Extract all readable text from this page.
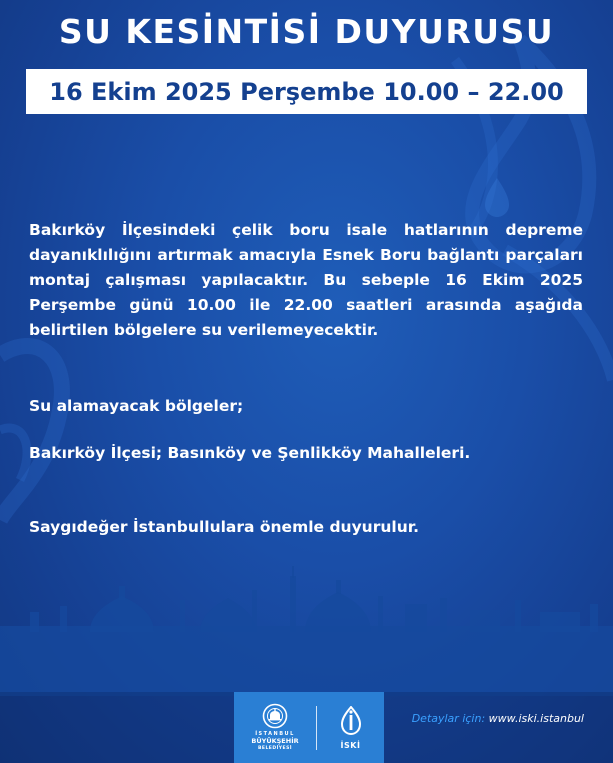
SU KESİNTİSİ DUYURUSU
16 Ekim 2025 Perşembe 10.00 – 22.00

Bakırköy İlçesindeki çelik boru isale hatlarının depreme dayanıklılığını artırmak amacıyla Esnek Boru bağlantı parçaları montaj çalışması yapılacaktır. Bu sebeple 16 Ekim 2025 Perşembe günü 10.00 ile 22.00 saatleri arasında aşağıda belirtilen bölgelere su verilemeyecektir.

Su alamayacak bölgeler;

Bakırköy İlçesi; Basınköy ve Şenlikköy Mahalleleri.

Saygıdeğer İstanbullulara önemle duyurulur.

İSTANBUL
BÜYÜKŞEHİR
BELEDİYESİ	İSKİ
Detaylar için: www.iski.istanbul
